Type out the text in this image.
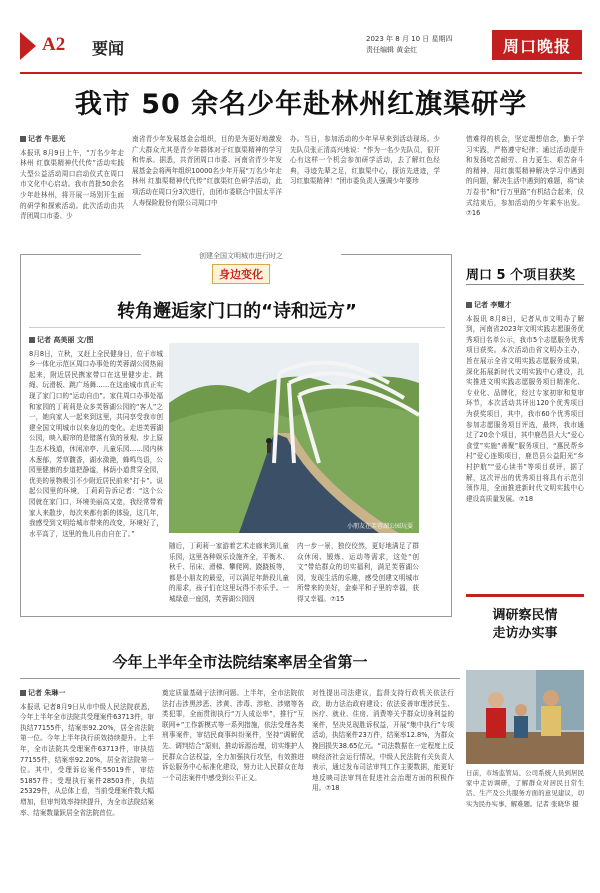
A2 要闻	2023 年 8 月 10 日 星期四
责任编辑 黄金红	周口晚报
我市 50 余名少年赴林州红旗渠研学
记者 牛思光
本报讯 8月9日上午，“万名少年走林州 红旗渠精神代代传”活动实践大型公益活动周口启动仪式在周口市文化中心启动。我市首批50余名少年赴林州，将开展一场别开生面的研学和探索活动。此次活动由共青团周口市委、少
南省青少年发展基金会组织，目的是为更好地激发广大群众尤其是青少年群体对于红旗渠精神的学习和传承。据悉，共青团周口市委、河南省青少年发展基金会将两年组织10000名少年开展“万名少年走林州 红旗渠精神代代传”红旗渠红色研学活动，此项活动在周口分3次进行，由团市委联合中国太平洋人寿保险股份有限公司周口中
办。当日，参加活动的少年早早来到活动现场。少先队员张正清高兴地说：“作为一名少先队员，很开心有这样一个机会参加研学活动，去了解红色经典，寻迹先辈之足，红旗渠中心，探访先进迹，学习红旗渠精神！”团市委负责人强调少年要珍
惜难得的机会，坚定理想信念，勤于学习实践，严格遵守纪律；通过活动提升和发扬吃苦耐劳、自力更生、艰苦奋斗的精神，用红旗渠精神解决学习中遇到的问题，解决生活中遇到的难题，将“读万卷书”和“行万里路”有机结合起来，仪式结束后，参加活动的少年乘车出发。⑦16
创建全国文明城市进行时之
身边变化
转角邂逅家门口的“诗和远方”
记者 高美丽 文/图
8月8日，立秋，又赶上全民健身日，位于市城乡一体化示范区周口办事处的芙蓉湖公园热闹起来，附近居民携家带口在这里健步走、跳绳、玩滑板、跳广场舞……在这座城市真正实现了家门口的“运动自由”。家住周口办事处福和家园的丁莉莉是众多芙蓉湖公园的“客人”之一，她向家人一起来到这里，共同享受我市创建全国文明城市以来身边的变化。走进芙蓉湖公园，映入眼帘的是错落有致的景观、步上原生态木栈道，休闲凉亭、儿童乐园……园内林木葱郁，芳草馥香，湖水潋滟，蜂鸣鸟语，公园里健康的步道把静谧，林荫小道贯穿全园，优美的景物吸引不少附近居民前来“打卡”。说起公园里的环境，丁莉莉告诉记者：“这个公园就在家门口，环境美丽高又宽，我经常带着家人来散步，每次来都有新的体验，这几年，我感受到文明给城市带来的改变，环境好了，水平高了，这里的鱼儿自由自在了。”
小朋友在芙蓉湖公园玩耍
随后，丁莉莉一家游着艺术走廊来到儿童乐园，这里各种娱乐设施齐全，平衡木、秋千、吊床、滑梯、攀爬网、跷跷板等，都是小朋友的最爱，可以满足年龄段儿童的需求，孩子们在这里玩得不亦乐乎。一城绿意一座园，芙蓉湖公园因
内一步一景，独佼佼然，更好地满足了群众休闲、锻炼、运动等需求，这处“创文”带给群众的切实福利，满足芙蓉湖公园，发现生活的乐趣，感受创建文明城市所带来的美好，金泰平和子里的幸福，获得又幸福。⑦15
周口 5 个项目获奖
记者 李耀才
本报讯 8月8日，记者从市文明办了解到，河南省2023年文明实践志愿服务优秀项目名单公示，我市5个志愿服务优秀项目获奖。本次活动由省文明办主办，旨在展示全省文明实践志愿服务成果，深化拓展新时代文明实践中心建设，扎实推进文明实践志愿服务项目精准化、专业化、品牌化，经过专家初审和复审环节，本次活动共评出120个优秀项目为获奖项目，其中，我市60个优秀项目参加志愿服务项目评选，最终，我市通过了20余个项目，其中鹿邑县大大“爱心食堂”实施“善聚”服务项目，“惠民帮乡村”爱心连锁项目，鹿邑县公益阳光“乡村护航”“爱心读书”等项目获评，据了解，这次评出的优秀项目将具有示范引领作用，全面推进新时代文明实践中心建设高质量发展。⑦18
调研察民情
走访办实事
日前，市场监管局、公司系统人员到居民家中走访调研，了解群众对居民日常生活、生产及公共服务方面的意见建议，切实为民办实事、解难题。记者 张晓华 摄
今年上半年全市法院结案率居全省第一
记者 朱琳一
本报讯 记者8月9日从市中级人民法院获悉，今年上半年全市法院共受理案件63713件，审执结77155件，结案率92.20%，居全省法院第一位。今年上半年执行质效持续提升。上半年，全市法院共受理案件63713件，审执结77155件，结案率92.20%，居全省法院第一位。其中，受理诉讼案件55019件，审结51857件；受理执行案件28503件，执结25329件，从总体上看，当前受理案件数大幅增加，但审判效率持续提升，为全市法院结案率、结案数量跃居全省法院首位。
奠定质量基础于法律问题。上半年，全市法院依法打击涉黑涉恶、涉黄、涉毒、涉枪、涉赌等各类犯罪，全面贯彻执行“万人成讼率”，推行“互联网+”工作新模式等一系列措施，依法受理各类刑事案件，审结民商事纠纷案件，坚持“调解优先、调判结合”原则，推动诉源治理，切实维护人民群众合法权益，全力加强执行攻坚，有效推进诉讼服务中心标准化建设，努力让人民群众在每一个司法案件中感受到公平正义。
对性提出司法建议，监督支持行政机关依法行政，助力法治政府建设；依法妥善审理涉民生、医疗、就业、住房、消费等关乎群众切身利益的案件，坚决兑现胜诉权益，开展“集中执行”专项活动，执结案件23万件，结案率12.8%，为群众挽回损失38.65亿元。“司法数据在一定程度上反映经济社会运行情况，中级人民法院有关负责人表示，通过发布司法审判工作主要数据，能更好地反映司法审判在促进社会治理方面的积极作用。⑦18
